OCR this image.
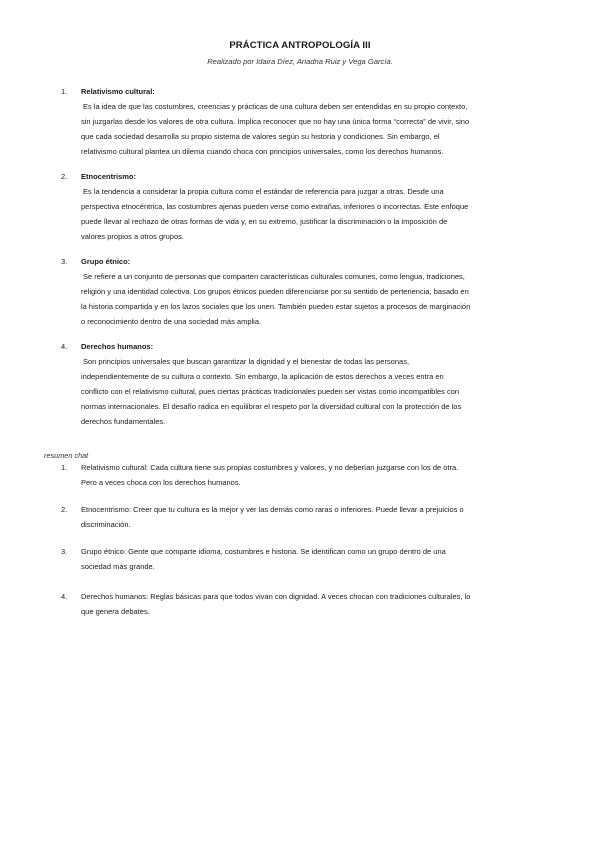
PRÁCTICA ANTROPOLOGÍA III
Realizado por Idaira Díez, Ariadna Ruiz y Vega García.
1.	Relativismo cultural:

Es la idea de que las costumbres, creencias y prácticas de una cultura deben ser entendidas en su propio contexto,

sin juzgarlas desde los valores de otra cultura. Implica reconocer que no hay una única forma “correcta” de vivir, sino

que cada sociedad desarrolla su propio sistema de valores según su historia y condiciones. Sin embargo, el

relativismo cultural plantea un dilema cuando choca con principios universales, como los derechos humanos.

2.	Etnocentrismo:

Es la tendencia a considerar la propia cultura como el estándar de referencia para juzgar a otras. Desde una

perspectiva etnocéntrica, las costumbres ajenas pueden verse como extrañas, inferiores o incorrectas. Este enfoque

puede llevar al rechazo de otras formas de vida y, en su extremo, justificar la discriminación o la imposición de

valores propios a otros grupos.

3.	Grupo étnico:

Se refiere a un conjunto de personas que comparten características culturales comunes, como lengua, tradiciones,

religión y una identidad colectiva. Los grupos étnicos pueden diferenciarse por su sentido de pertenencia, basado en

la historia compartida y en los lazos sociales que los unen. También pueden estar sujetos a procesos de marginación

o reconocimiento dentro de una sociedad más amplia.

4.	Derechos humanos:

Son principios universales que buscan garantizar la dignidad y el bienestar de todas las personas,

independientemente de su cultura o contexto. Sin embargo, la aplicación de estos derechos a veces entra en

conflicto con el relativismo cultural, pues ciertas prácticas tradicionales pueden ser vistas como incompatibles con

normas internacionales. El desafío radica en equilibrar el respeto por la diversidad cultural con la protección de los

derechos fundamentales.

resumen chat
1.	Relativismo cultural: Cada cultura tiene sus propias costumbres y valores, y no deberían juzgarse con los de otra.
Pero a veces choca con los derechos humanos.
2.	Etnocentrismo: Creer que tu cultura es la mejor y ver las demás como raras o inferiores. Puede llevar a prejuicios o
discriminación.
3.	Grupo étnico: Gente que comparte idioma, costumbres e historia. Se identifican como un grupo dentro de una
sociedad más grande.
4.	Derechos humanos: Reglas básicas para que todos vivan con dignidad. A veces chocan con tradiciones culturales, lo
que genera debates.
